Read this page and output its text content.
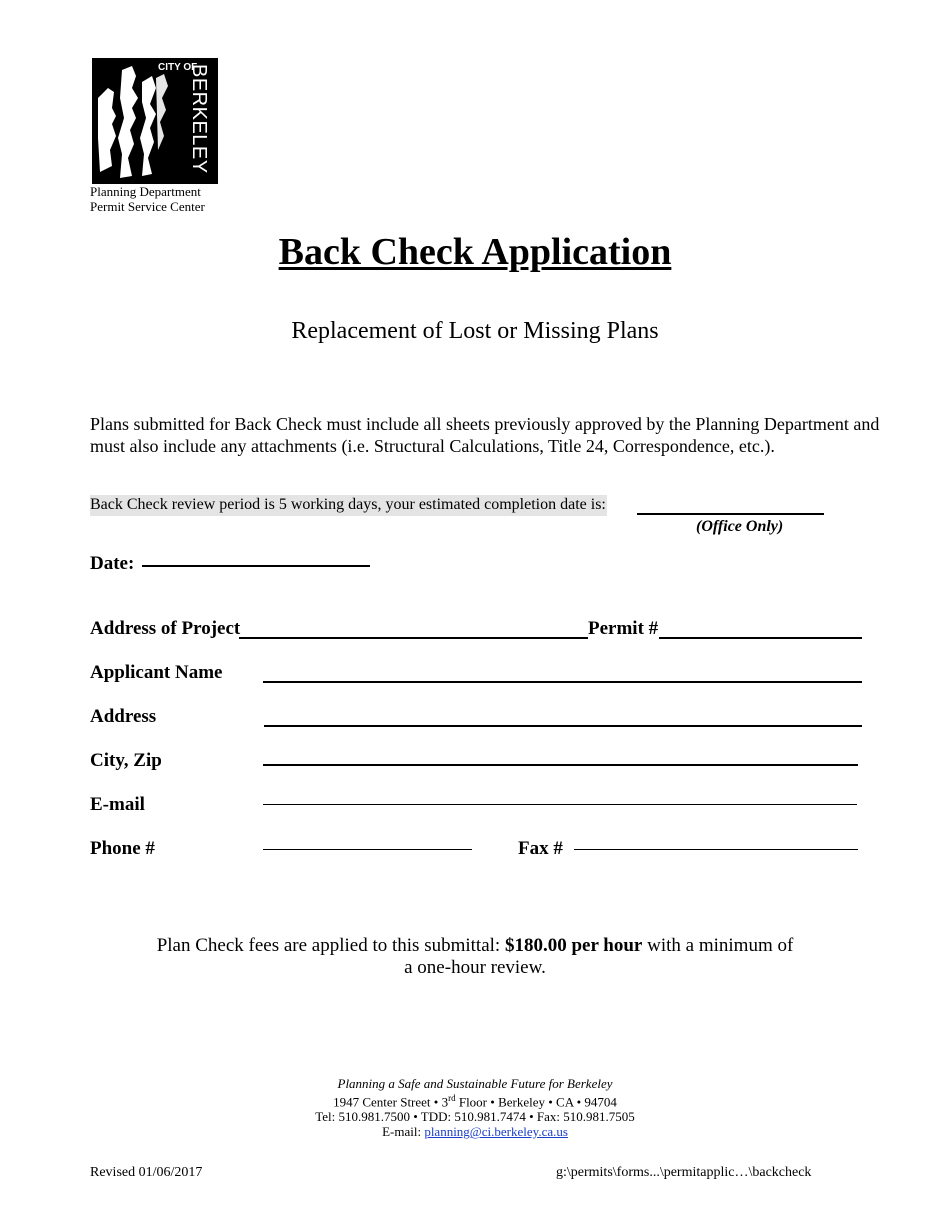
CITY OF
BERKELEY
Planning Department
Permit Service Center
Back Check Application
Replacement of Lost or Missing Plans
Plans submitted for Back Check must include all sheets previously approved by the Planning Department and must also include any attachments (i.e. Structural Calculations, Title 24, Correspondence, etc.).
Back Check review period is 5 working days, your estimated completion date is:
(Office Only)
Date:
Address of Project	Permit #
Applicant Name
Address
City, Zip
E-mail
Phone #	Fax #
Plan Check fees are applied to this submittal: $180.00 per hour with a minimum of
a one-hour review.
Planning a Safe and Sustainable Future for Berkeley
1947 Center Street • 3rd Floor • Berkeley • CA • 94704
Tel: 510.981.7500 • TDD: 510.981.7474 • Fax: 510.981.7505
E-mail: planning@ci.berkeley.ca.us
Revised 01/06/2017	g:\permits\forms...\permitapplic…\backcheck
